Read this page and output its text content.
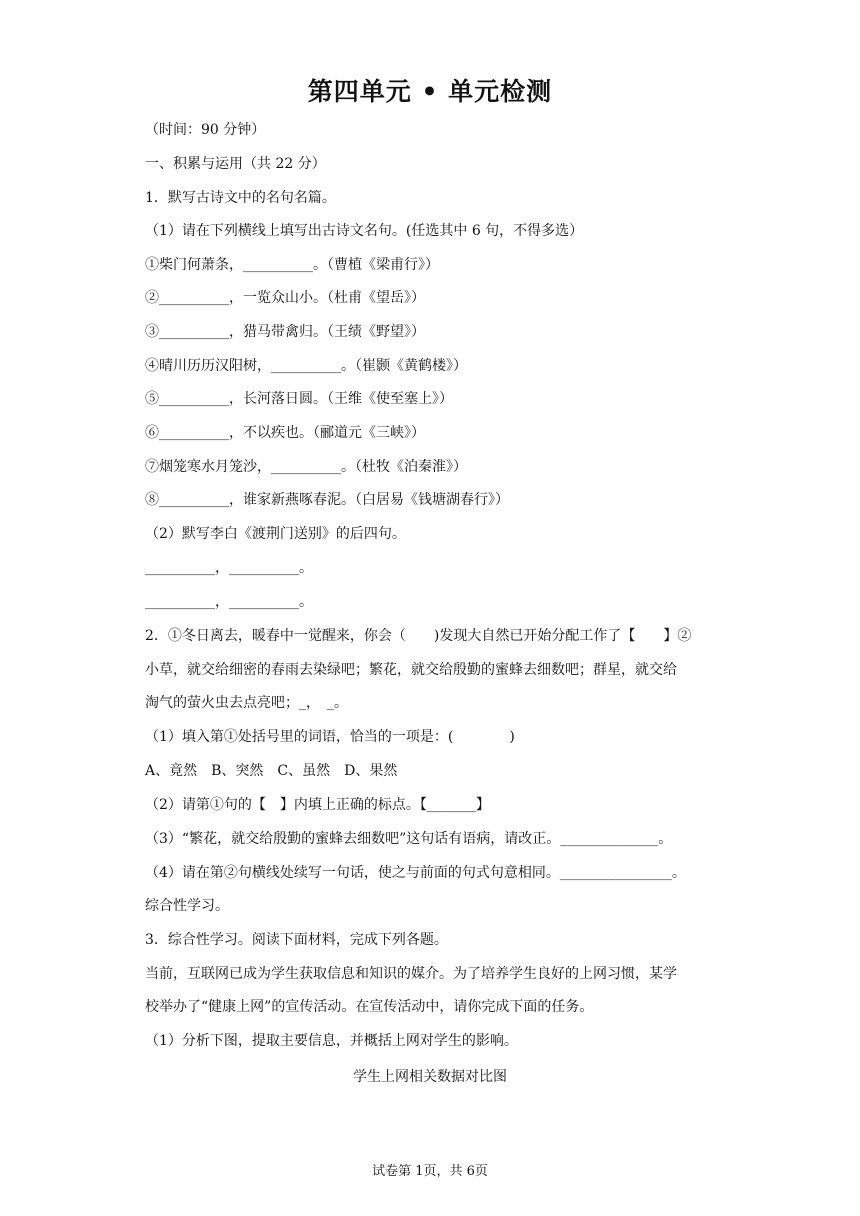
第四单元 • 单元检测
（时间：90 分钟）
一、积累与运用（共 22 分）
1．默写古诗文中的名句名篇。
（1）请在下列横线上填写出古诗文名句。(任选其中 6 句，不得多选）
①柴门何萧条，__________。（曹植《梁甫行》）
②__________，一览众山小。（杜甫《望岳》）
③__________，猎马带禽归。（王绩《野望》）
④晴川历历汉阳树，__________。（崔颢《黄鹤楼》）
⑤__________，长河落日圆。（王维《使至塞上》）
⑥__________，不以疾也。（郦道元《三峡》）
⑦烟笼寒水月笼沙，__________。（杜牧《泊秦淮》）
⑧__________，谁家新燕啄春泥。（白居易《钱塘湖春行》）
（2）默写李白《渡荆门送别》的后四句。
__________，__________。
__________，__________。
2．①冬日离去，暖春中一觉醒来，你会（　　)发现大自然已开始分配工作了【　　】②
小草，就交给细密的春雨去染绿吧；繁花，就交给殷勤的蜜蜂去细数吧；群星，就交给
淘气的萤火虫去点亮吧；_，　_。
（1）填入第①处括号里的词语，恰当的一项是：(　　　　)
A、竟然　B、突然　C、虽然　D、果然
（2）请第①句的【　】内填上正确的标点。【_______】
（3）“繁花，就交给殷勤的蜜蜂去细数吧”这句话有语病，请改正。______________。
（4）请在第②句横线处续写一句话，使之与前面的句式句意相同。________________。
综合性学习。
3．综合性学习。阅读下面材料，完成下列各题。
当前，互联网已成为学生获取信息和知识的媒介。为了培养学生良好的上网习惯，某学
校举办了“健康上网”的宣传活动。在宣传活动中，请你完成下面的任务。
（1）分析下图，提取主要信息，并概括上网对学生的影响。
学生上网相关数据对比图
试卷第 1页，共 6页
